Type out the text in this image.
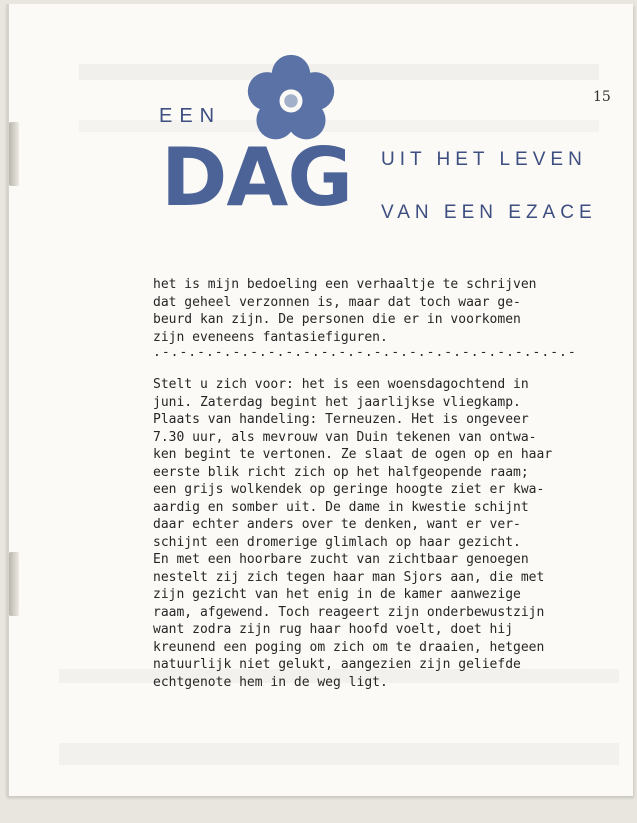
15
EEN
DAG UIT HET LEVEN
VAN EEN EZACE
het is mijn bedoeling een verhaaltje te schrijven
dat geheel verzonnen is, maar dat toch waar ge-
beurd kan zijn. De personen die er in voorkomen
zijn eveneens fantasiefiguren.
.-.-.-.-.-.-.-.-.-.-.-.-.-.-.-.-.-.-.-.-.-.-.-.-
Stelt u zich voor: het is een woensdagochtend in
juni. Zaterdag begint het jaarlijkse vliegkamp.
Plaats van handeling: Terneuzen. Het is ongeveer
7.30 uur, als mevrouw van Duin tekenen van ontwa-
ken begint te vertonen. Ze slaat de ogen op en haar
eerste blik richt zich op het halfgeopende raam;
een grijs wolkendek op geringe hoogte ziet er kwa-
aardig en somber uit. De dame in kwestie schijnt
daar echter anders over te denken, want er ver-
schijnt een dromerige glimlach op haar gezicht.
En met een hoorbare zucht van zichtbaar genoegen
nestelt zij zich tegen haar man Sjors aan, die met
zijn gezicht van het enig in de kamer aanwezige
raam, afgewend. Toch reageert zijn onderbewustzijn
want zodra zijn rug haar hoofd voelt, doet hij
kreunend een poging om zich om te draaien, hetgeen
natuurlijk niet gelukt, aangezien zijn geliefde
echtgenote hem in de weg ligt.
